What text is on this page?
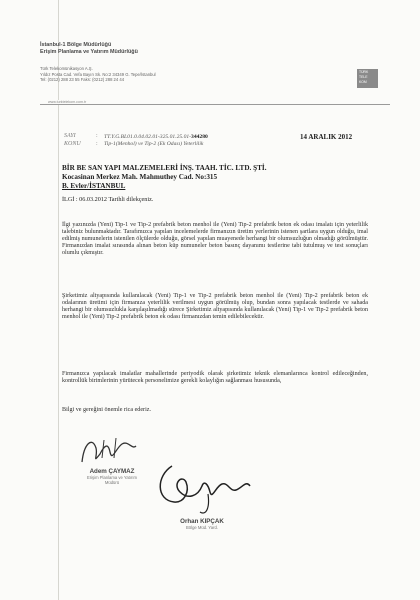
İstanbul-1 Bölge Müdürlüğü
Erişim Planlama ve Yatırım Müdürlüğü
Türk Telekomünikasyon A.Ş.
Yıldız Posta Cad. Vefa Bayırı Sk. No:2 34349 G. Tepe/İstanbul
Tel: (0212) 288 23 55 Faks: (0212) 288 24 44
TÜRK TELE KOM
www.turktelekom.com.tr
SAYI	: TT.Y.G.BL01.0.04.02.01-325.01.25.01-344280	14 ARALIK 2012
KONU	: Tip-1(Menhol) ve Tip-2 (Ek Odası) Yeterlilik
BİR BE SAN YAPI MALZEMELERİ İNŞ. TAAH. TİC. LTD. ŞTİ.
Kocasinan Merkez Mah. Mahmuthey Cad. No:315
B. Evler/İSTANBUL
İLGİ : 06.03.2012 Tarihli dilekçeniz.
İlgi yazınızda (Yeni) Tip-1 ve Tip-2 prefabrik beton menhol ile (Yeni) Tip-2 prefabrik beton ek odası imalatı için yeterlilik talebiniz bulunmaktadır. Tarafımızca yapılan incelemelerde firmanızın üretim yerlerinin istenen şartlara uygun olduğu, imal edilmiş numunelerin istenilen ölçülerde olduğu, görsel yapılan muayenede herhangi bir olumsuzluğun olmadığı görülmüştür. Firmanızdan imalat sırasında alınan beton küp numuneler beton basınç dayanımı testlerine tabi tutulmuş ve test sonuçları olumlu çıkmıştır.
Şirketimiz altyapısında kullanılacak (Yeni) Tip-1 ve Tip-2 prefabrik beton menhol ile (Yeni) Tip-2 prefabrik beton ek odalarının üretimi için firmanıza yeterlilik verilmesi uygun görülmüş olup, bundan sonra yapılacak testlerde ve sahada herhangi bir olumsuzlukla karşılaşılmadığı sürece Şirketimiz altyapısında kullanılacak (Yeni) Tip-1 ve Tip-2 prefabrik beton menhol ile (Yeni) Tip-2 prefabrik beton ek odası firmanızdan temin edilebilecektir.
Firmanızca yapılacak imalatlar mahallerinde periyodik olarak şirketimiz teknik elemanlarınca kontrol edileceğinden, kontrollük birimlerinin yürütecek personelimize gerekli kolaylığın sağlanması hususunda,
Bilgi ve gereğini önemle rica ederiz.
Adem ÇAYMAZ
Erişim Planlama ve Yatırım
Müdürü
Orhan KIPÇAK
Bölge Müd. Yard.
